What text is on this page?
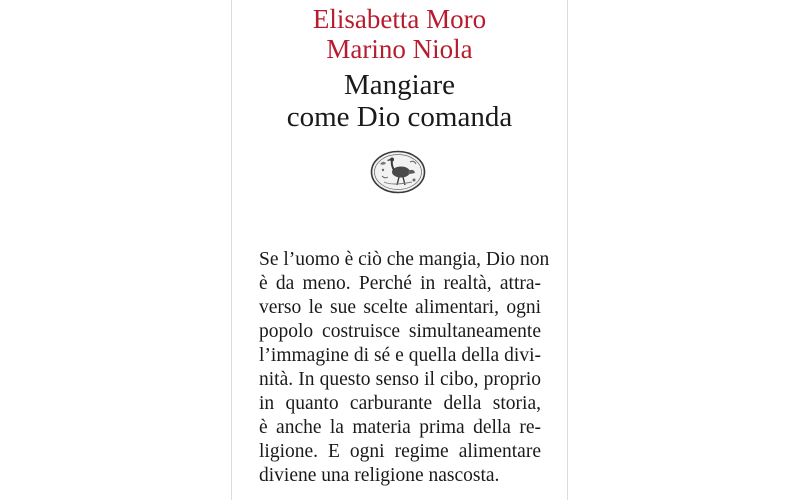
Elisabetta Moro
Marino Niola
Mangiare
come Dio comanda
Se l’uomo è ciò che mangia, Dio non
è da meno. Perché in realtà, attra-
verso le sue scelte alimentari, ogni
popolo costruisce simultaneamente
l’immagine di sé e quella della divi-
nità. In questo senso il cibo, proprio
in quanto carburante della storia,
è anche la materia prima della re-
ligione. E ogni regime alimentare
diviene una religione nascosta.
